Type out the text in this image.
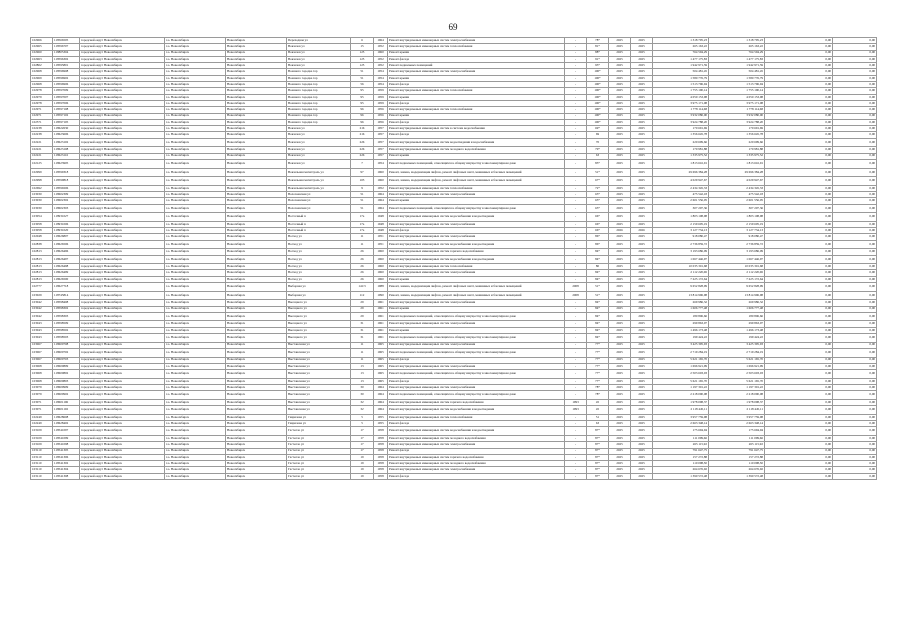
69
102966	118566505	городской округ Новосибирск	г.о. Новосибирск	Новосибирск	Переходная ул	6	1964	Ремонт внутридомовых инженерных систем электроснабжения	-	78*	2025	2025	1 318 795,23	1 318 795,23	0,00	0,00
102965	118596707	городской округ Новосибирск	г.о. Новосибирск	Новосибирск	Вокзалов ул	15	1952	Ремонт внутридомовых инженерных систем теплоснабжения	-	81*	2025	2025	265 163,22	265 163,22	0,00	0,00
102960	118805304	городской округ Новосибирск	г.о. Новосибирск	Новосибирск	Вокзалов ул	125	1960	Ремонт крыши	-	88*	2025	2025	764 594,29	764 594,29	0,00	0,00
102963	118596302	городской округ Новосибирск	г.о. Новосибирск	Новосибирск	Вокзалов ул	125	1952	Ремонт фасада	-	91*	2025	2025	1 477 175,83	1 477 175,83	0,00	0,00
102802	118595801	городской округ Новосибирск	г.о. Новосибирск	Новосибирск	Вокзалов ул	125	1952	Ремонт подвальных помещений	-	93*	2025	2025	1 942 971,59	1 942 971,59	0,00	0,00
102968	118596908	городской округ Новосибирск	г.о. Новосибирск	Новосибирск	Военного городка тер	51	1954	Ремонт внутридомовых инженерных систем электроснабжения	-	100*	2025	2025	504 481,45	504 481,45	0,00	0,00
102969	118596902	городской округ Новосибирск	г.о. Новосибирск	Новосибирск	Военного городка тер	51	1954	Ремонт крыши	-	100*	2025	2025	1 580 776,79	1 580 776,79	0,00	0,00
102968	118596906	городской округ Новосибирск	г.о. Новосибирск	Новосибирск	Военного городка тер	56	1954	Ремонт фасада	-	100*	2025	2025	1 513 796,94	1 513 796,94	0,00	0,00
102978	118597009	городской округ Новосибирск	г.о. Новосибирск	Новосибирск	Военного городка тер	95	1959	Ремонт внутридомовых инженерных систем теплоснабжения	-	100*	2025	2025	1 755 190,14	1 755 190,14	0,00	0,00
102979	118597007	городской округ Новосибирск	г.о. Новосибирск	Новосибирск	Военного городка тер	95	1959	Ремонт крыши	-	100*	2025	2025	4 050 153,98	4 050 153,98	0,00	0,00
102978	118597006	городской округ Новосибирск	г.о. Новосибирск	Новосибирск	Военного городка тер	95	1959	Ремонт фасада	-	100*	2025	2025	3 975 171,08	3 975 171,08	0,00	0,00
102971	118597108	городской округ Новосибирск	г.о. Новосибирск	Новосибирск	Военного городка тер	96	1956	Ремонт внутридомовых инженерных систем теплоснабжения	-	100*	2025	2025	1 778 114,68	1 778 114,68	0,00	0,00
102971	118597102	городской округ Новосибирск	г.о. Новосибирск	Новосибирск	Военного городка тер	96	1956	Ремонт крыши	-	100*	2025	2025	3 932 080,00	3 932 080,00	0,00	0,00
102571	118597105	городской округ Новосибирск	г.о. Новосибирск	Новосибирск	Военного городка тер	96	1956	Ремонт фасада	-	100*	2025	2025	3 924 788,20	3 924 788,20	0,00	0,00
102238	118622630	городской округ Новосибирск	г.о. Новосибирск	Новосибирск	Вокзалов ул	216	1957	Ремонт внутридомовых инженерных систем в системе водоснабжения	-	69*	2025	2025	170 691,69	170 691,69	0,00	0,00
102238	118623606	городской округ Новосибирск	г.о. Новосибирск	Новосибирск	Вокзалов ул	216	1957	Ремонт фасада	-	69	2025	2025	1 356 645,78	1 356 645,78	0,00	0,00
102221	118623102	городской округ Новосибирск	г.о. Новосибирск	Новосибирск	Вокзалов ул	226	1957	Ремонт внутридомовых инженерных систем водоотведения и водоснабжения	-	70	2025	2025	220 699,66	220 699,66	0,00	0,00
102221	118623108	городской округ Новосибирск	г.о. Новосибирск	Новосибирск	Вокзалов ул	226	1957	Ремонт внутридомовых инженерных систем холодного водоснабжения	-	70*	2025	2025	170 981,88	170 981,88	0,00	0,00
102221	118623116	городской округ Новосибирск	г.о. Новосибирск	Новосибирск	Вокзалов ул	226	1957	Ремонт крыши	-	63	2025	2025	1 335 975,52	1 335 975,52	0,00	0,00
102125	118623905	городской округ Новосибирск	г.о. Новосибирск	Новосибирск	Вокзалов ул	7	1954	Ремонт подвальных помещений, относящихся к общему имуществу в многоквартирном доме	-	83*	2025	2025	1 813 616,91	1 813 616,91	0,00	0,00
102999	118599318	городской округ Новосибирск	г.о. Новосибирск	Новосибирск	Вокзальная магистраль ул	97	1960	Ремонт, замена, модернизация лифтов, ремонт лифтовых шахт, машинных и блочных помещений	-	51*	2025	2025	29 696 384,28	29 696 384,28	0,00	0,00
102998	118599818	городской округ Новосибирск	г.о. Новосибирск	Новосибирск	Вокзальная магистраль ул	103	1960	Ремонт, замена, модернизация лифтов, ремонт лифтовых шахт, машинных и блочных помещений	-	67*	2025	2025	4 029 947,67	4 029 947,67	0,00	0,00
102692	118599206	городской округ Новосибирск	г.о. Новосибирск	Новосибирск	Вокзальная магистраль ул	9	1952	Ремонт внутридомовых инженерных систем теплоснабжения	-	72*	2025	2025	2 434 345,33	2 434 345,33	0,00	0,00
103030	118602309	городской округ Новосибирск	г.о. Новосибирск	Новосибирск	Волочаевская ул	51	1964	Ремонт внутридомовых инженерных систем электроснабжения	-	63*	2025	2025	475 542,18	475 542,18	0,00	0,00
103030	118602302	городской округ Новосибирск	г.о. Новосибирск	Новосибирск	Волочаевская ул	51	1964	Ремонт крыши	-	63*	2025	2025	2 601 556,05	2 601 556,05	0,00	0,00
103030	118602303	городской округ Новосибирск	г.о. Новосибирск	Новосибирск	Волочаевская ул	51	1964	Ремонт подвальных помещений, относящихся к общему имуществу в многоквартирном доме	-	63*	2025	2025	307 207,36	307 207,36	0,00	0,00
103054	118931027	городской округ Новосибирск	г.о. Новосибирск	Новосибирск	Восточный п	17а	1948	Ремонт внутридомовых инженерных систем водоснабжения и водоотведения	-	66*	2025	2025	1 803 108,98	1 803 108,98	0,00	0,00
103058	118931006	городской округ Новосибирск	г.о. Новосибирск	Новосибирск	Восточный п	17а	1948	Ремонт внутридомовых инженерных систем электроснабжения	-	66*	2025	2025	2 159 605,19	2 159 605,19	0,00	0,00
103058	118931020	городской округ Новосибирск	г.о. Новосибирск	Новосибирск	Восточный п	17а	1948	Ремонт фасада	-	66*	2026	2026	3 127 734,13	3 127 734,13	0,00	0,00
102048	118626807	городской округ Новосибирск	г.о. Новосибирск	Новосибирск	Восход ул	11	1951	Ремонт внутридомовых инженерных систем электроснабжения	-	86*	2025	2025	918 080,47	918 080,47	0,00	0,00
102838	118626506	городской округ Новосибирск	г.о. Новосибирск	Новосибирск	Восход ул	11	1951	Ремонт внутридомовых инженерных систем водоснабжения и водоотведения	-	86*	2025	2025	2 736 859,72	2 736 859,72	0,00	0,00
102813	118626496	городской округ Новосибирск	г.о. Новосибирск	Новосибирск	Восход ул	26	1960	Ремонт внутридомовых инженерных систем горячего водоснабжения	-	84*	2025	2025	3 193 686,09	3 193 686,09	0,00	0,00
102813	118626497	городской округ Новосибирск	г.о. Новосибирск	Новосибирск	Восход ул	26	1960	Ремонт внутридомовых инженерных систем водоснабжения и водоотведения	-	84*	2025	2025	1 067 446,97	1 067 446,97	0,00	0,00
102813	118626498	городской округ Новосибирск	г.о. Новосибирск	Новосибирск	Восход ул	26	1960	Ремонт внутридомовых инженерных систем теплоснабжения	-	80	2025	2025	10 035 301,68	10 035 301,68	0,00	0,00
102813	118626499	городской округ Новосибирск	г.о. Новосибирск	Новосибирск	Восход ул	26	1960	Ремонт внутридомовых инженерных систем электроснабжения	-	84*	2025	2025	2 112 220,06	2 112 220,06	0,00	0,00
102813	118626500	городской округ Новосибирск	г.о. Новосибирск	Новосибирск	Восход ул	26	1960	Ремонт крыши	-	84*	2025	2025	7 225 172,64	7 225 172,64	0,00	0,00
102777	118627718	городской округ Новосибирск	г.о. Новосибирск	Новосибирск	Выборная ул	141/3	1988	Ремонт, замена, модернизация лифтов, ремонт лифтовых шахт, машинных и блочных помещений	2008	51*	2025	2025	9 652 828,99	9 652 828,99	0,00	0,00
103029	118745814	городской округ Новосибирск	г.о. Новосибирск	Новосибирск	Выборная ул	112	1990	Ремонт, замена, модернизация лифтов, ремонт лифтовых шахт, машинных и блочных помещений	2008	51*	2025	2025	13 814 996,98	13 814 996,98	0,00	0,00
103042	118598408	городской округ Новосибирск	г.о. Новосибирск	Новосибирск	Высоцкого ул	29	1961	Ремонт внутридомовых инженерных систем электроснабжения	-	84*	2025	2025	269 986,32	269 986,32	0,00	0,00
103042	118598302	городской округ Новосибирск	г.о. Новосибирск	Новосибирск	Высоцкого ул	29	1961	Ремонт крыши	-	84*	2025	2025	1 606 777,48	1 606 777,48	0,00	0,00
103042	118598303	городской округ Новосибирск	г.о. Новосибирск	Новосибирск	Высоцкого ул	29	1961	Ремонт подвальных помещений, относящихся к общему имуществу в многоквартирном доме	-	84*	2025	2025	180 806,66	180 806,66	0,00	0,00
103043	118598509	городской округ Новосибирск	г.о. Новосибирск	Новосибирск	Высоцкого ул	31	1961	Ремонт внутридомовых инженерных систем электроснабжения	-	84*	2025	2025	299 863,07	299 863,07	0,00	0,00
103043	118598502	городской округ Новосибирск	г.о. Новосибирск	Новосибирск	Высоцкого ул	31	1961	Ремонт крыши	-	84*	2025	2025	1 496 173,48	1 496 173,48	0,00	0,00
103043	118598503	городской округ Новосибирск	г.о. Новосибирск	Новосибирск	Высоцкого ул	31	1961	Ремонт подвальных помещений, относящихся к общему имуществу в многоквартирном доме	-	84*	2025	2025	199 424,22	199 424,22	0,00	0,00
103067	118600708	городской округ Новосибирск	г.о. Новосибирск	Новосибирск	Выставочная ул	11	1965	Ремонт внутридомовых инженерных систем электроснабжения	-	77*	2025	2025	3 425 395,93	3 425 395,93	0,00	0,00
103067	118600702	городской округ Новосибирск	г.о. Новосибирск	Новосибирск	Выставочная ул	11	1965	Ремонт подвальных помещений, относящихся к общему имуществу в многоквартирном доме	-	77*	2025	2025	2 719 284,19	2 719 284,19	0,00	0,00
103067	118600703	городской округ Новосибирск	г.о. Новосибирск	Новосибирск	Выставочная ул	11	1965	Ремонт фасада	-	77*	2025	2025	5 621 165,70	5 621 165,70	0,00	0,00
103068	118600809	городской округ Новосибирск	г.о. Новосибирск	Новосибирск	Выставочная ул	13	1965	Ремонт внутридомовых инженерных систем электроснабжения	-	77*	2025	2025	1 696 921,99	1 696 921,99	0,00	0,00
103068	118600802	городской округ Новосибирск	г.о. Новосибирск	Новосибирск	Выставочная ул	13	1965	Ремонт подвальных помещений, относящихся к общему имуществу в многоквартирном доме	-	77*	2025	2025	2 503 603,03	2 503 603,03	0,00	0,00
103068	118600803	городской округ Новосибирск	г.о. Новосибирск	Новосибирск	Выставочная ул	13	1965	Ремонт фасада	-	77*	2025	2025	5 621 165,70	5 621 165,70	0,00	0,00
103079	118600909	городской округ Новосибирск	г.о. Новосибирск	Новосибирск	Выставочная ул	30	1964	Ремонт внутридомовых инженерных систем электроснабжения	-	78*	2025	2025	1 197 301,22	1 197 301,22	0,00	0,00
103079	118600902	городской округ Новосибирск	г.о. Новосибирск	Новосибирск	Выставочная ул	30	1964	Ремонт подвальных помещений, относящихся к общему имуществу в многоквартирном доме	-	78*	2025	2025	2 218 090,08	2 218 090,08	0,00	0,00
103071	118601106	городской округ Новосибирск	г.о. Новосибирск	Новосибирск	Выставочная ул	32	1964	Ремонт внутридомовых инженерных систем горячего водоснабжения	1993	45	2025	2025	1 978 098,37	1 978 098,37	0,00	0,00
103071	118601102	городской округ Новосибирск	г.о. Новосибирск	Новосибирск	Выставочная ул	32	1964	Ремонт внутридомовых инженерных систем водоснабжения и водоотведения	1993	45	2025	2025	2 118 445,11	2 118 445,11	0,00	0,00
102249	118628608	городской округ Новосибирск	г.о. Новосибирск	Новосибирск	Гаврилова ул	5	1955	Ремонт внутридомовых инженерных систем теплоснабжения	-	51	2025	2025	3 957 759,98	3 957 759,98	0,00	0,00
102249	118628402	городской округ Новосибирск	г.о. Новосибирск	Новосибирск	Гаврилова ул	5	1955	Ремонт фасада	-	63	2025	2025	2 663 348,14	2 663 348,14	0,00	0,00
103109	118541097	городской округ Новосибирск	г.о. Новосибирск	Новосибирск	Гастелло ул	17	1958	Ремонт внутридомовых инженерных систем водоснабжения и водоотведения	-	87*	2025	2025	175 694,94	175 694,94	0,00	0,00
103109	118541099	городской округ Новосибирск	г.о. Новосибирск	Новосибирск	Гастелло ул	17	1958	Ремонт внутридомовых инженерных систем холодного водоснабжения	-	87*	2025	2025	111 099,66	111 099,66	0,00	0,00
103109	118541098	городской округ Новосибирск	г.о. Новосибирск	Новосибирск	Гастелло ул	17	1958	Ремонт внутридомовых инженерных систем электроснабжения	-	87*	2025	2025	265 115,92	265 115,92	0,00	0,00
103110	118541305	городской округ Новосибирск	г.о. Новосибирск	Новосибирск	Гастелло ул	17	1958	Ремонт фасада	-	87*	2025	2025	791 647,75	791 647,75	0,00	0,00
103110	118541306	городской округ Новосибирск	г.о. Новосибирск	Новосибирск	Гастелло ул	19	1958	Ремонт внутридомовых инженерных систем горячего водоснабжения	-	87*	2025	2025	157 272,88	157 272,88	0,00	0,00
103110	118541302	городской округ Новосибирск	г.о. Новосибирск	Новосибирск	Гастелло ул	19	1958	Ремонт внутридомовых инженерных систем холодного водоснабжения	-	87*	2025	2025	110 098,30	110 098,30	0,00	0,00
103110	118541304	городской округ Новосибирск	г.о. Новосибирск	Новосибирск	Гастелло ул	19	1958	Ремонт внутридомовых инженерных систем электроснабжения	-	87*	2025	2025	264 676,92	264 676,92	0,00	0,00
103110	118541308	городской округ Новосибирск	г.о. Новосибирск	Новосибирск	Гастелло ул	19	1958	Ремонт фасада	-	87*	2025	2025	1 390 572,48	1 390 572,48	0,00	0,00
